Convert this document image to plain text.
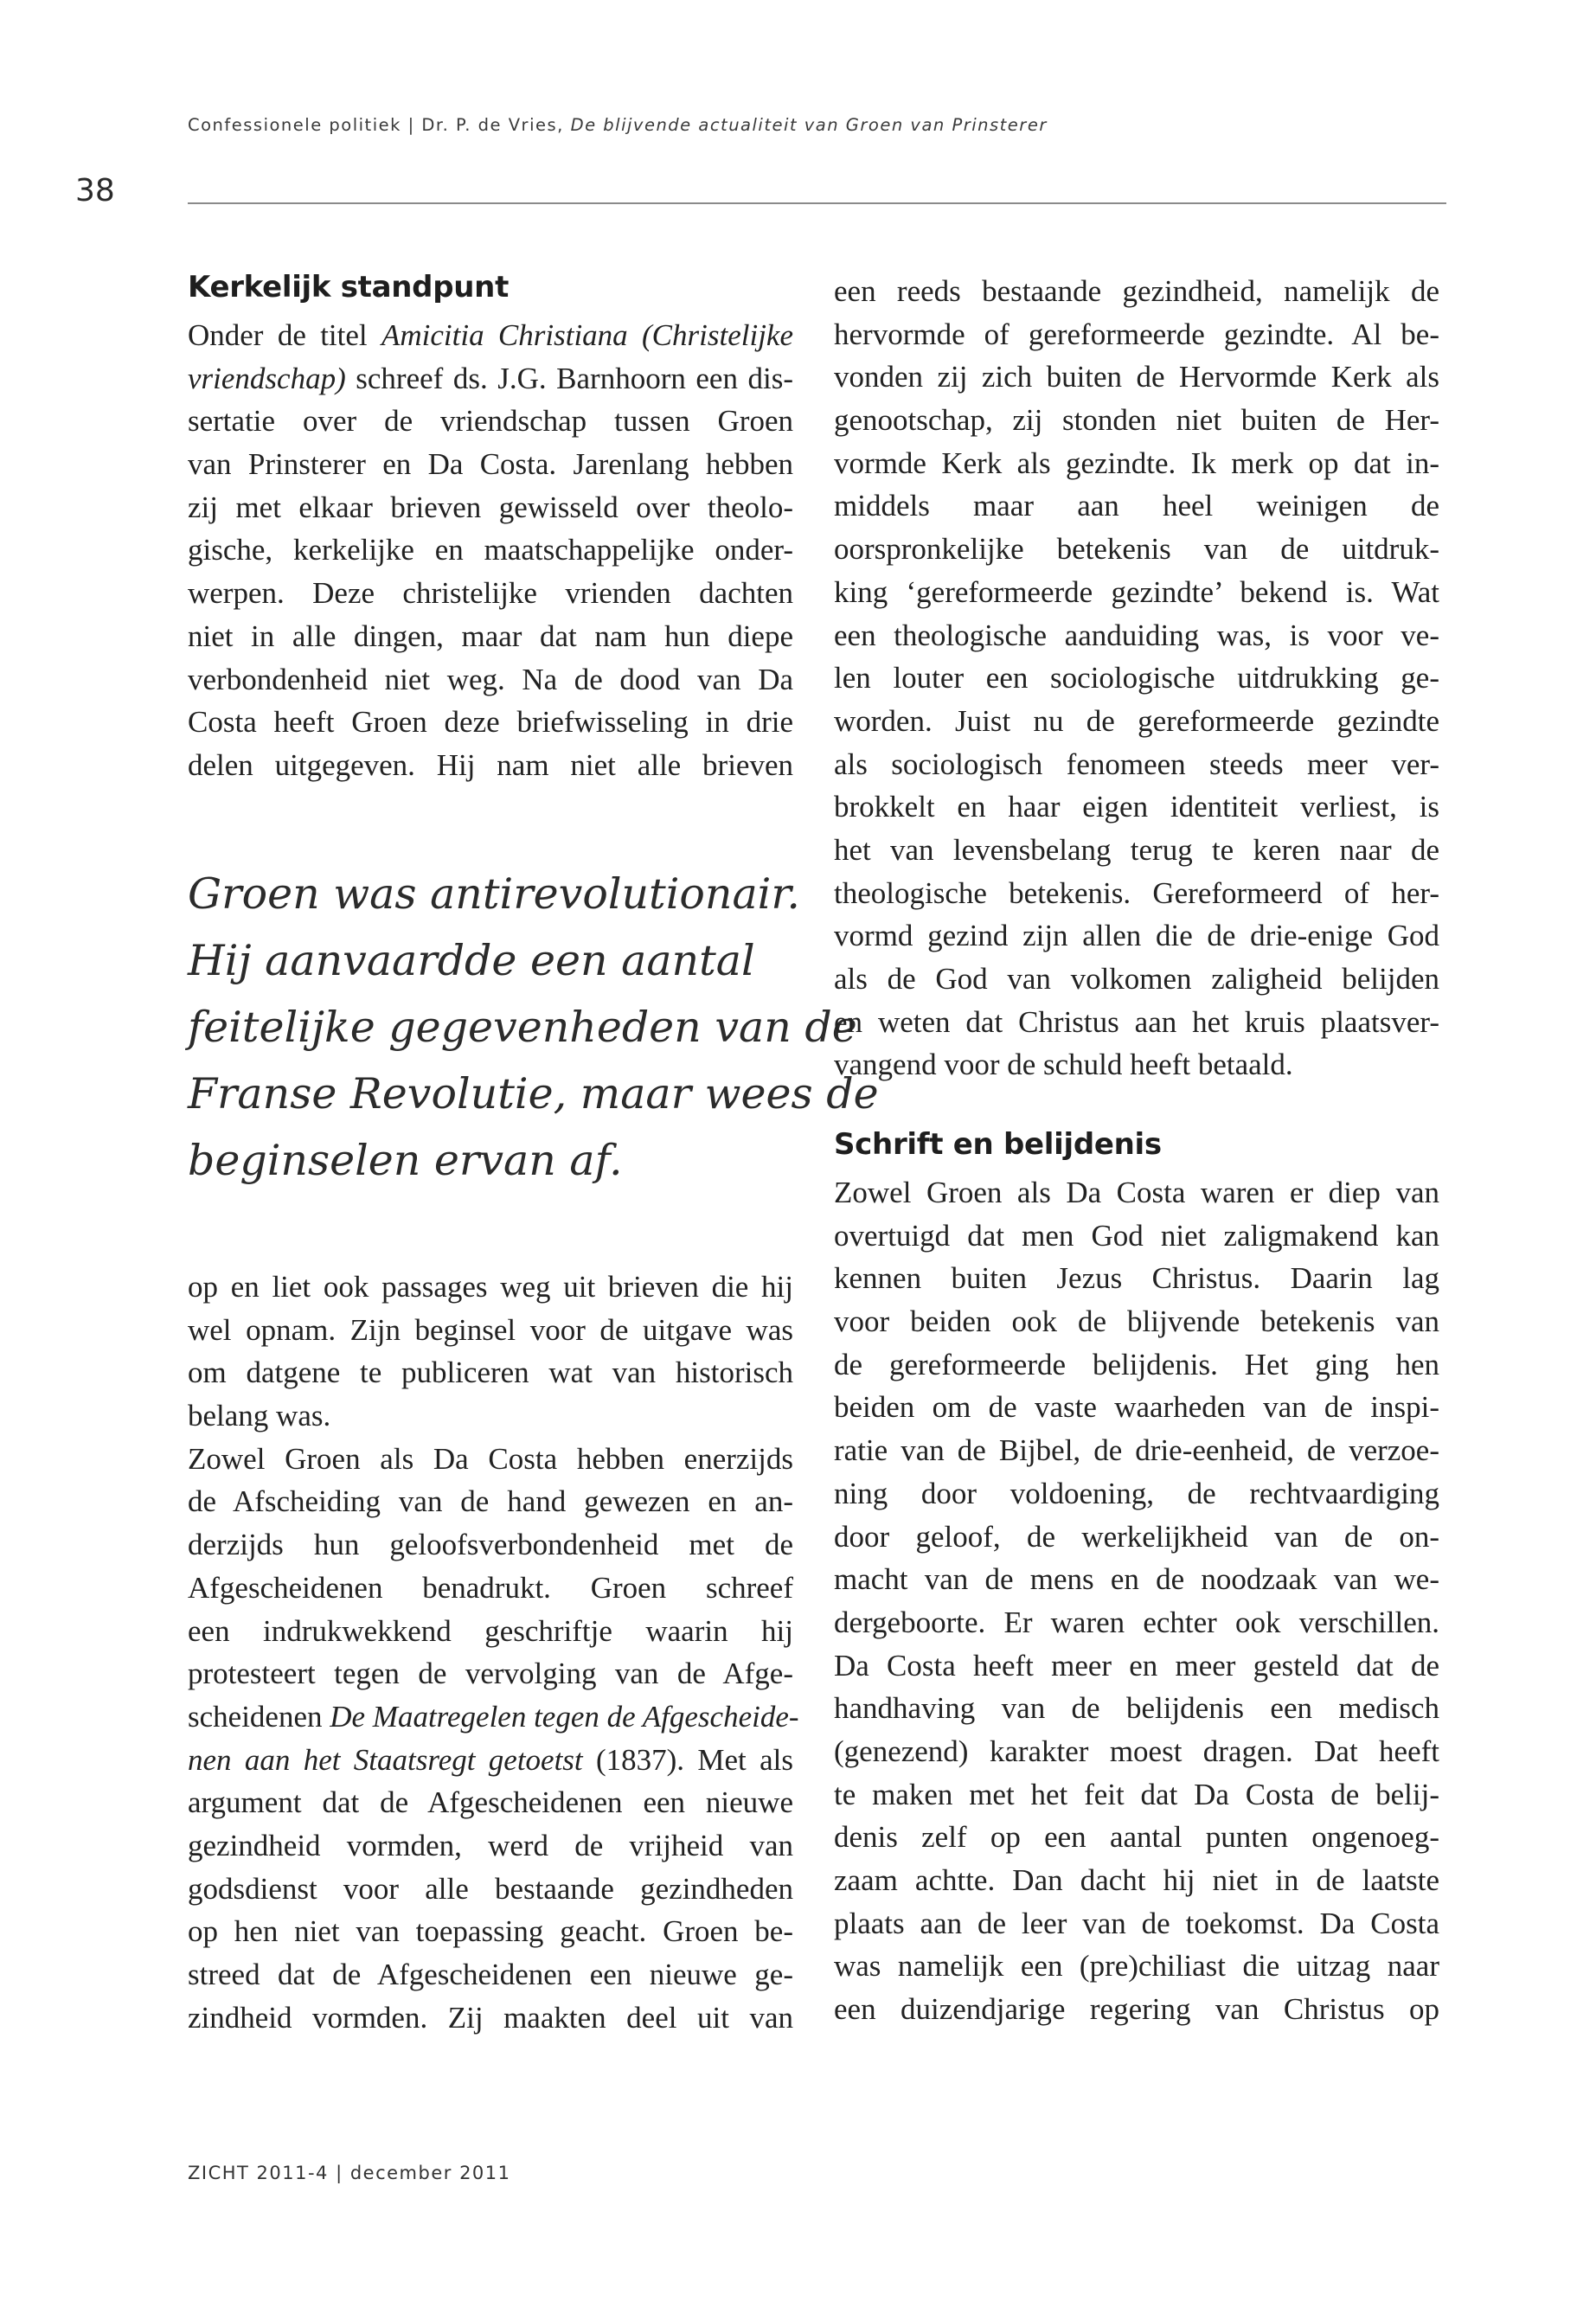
Confessionele politiek | Dr. P. de Vries, De blijvende actualiteit van Groen van Prinsterer
38
Kerkelijk standpunt
Onder de titel Amicitia Christiana (Christelijke
vriendschap) schreef ds. J.G. Barnhoorn een dis-
sertatie over de vriendschap tussen Groen
van Prinsterer en Da Costa. Jarenlang hebben
zij met elkaar brieven gewisseld over theolo-
gische, kerkelijke en maatschappelijke onder-
werpen. Deze christelijke vrienden dachten
niet in alle dingen, maar dat nam hun diepe
verbondenheid niet weg. Na de dood van Da
Costa heeft Groen deze briefwisseling in drie
delen uitgegeven. Hij nam niet alle brieven
Groen was antirevolutionair.
Hij aanvaardde een aantal
feitelijke gegevenheden van de
Franse Revolutie, maar wees de
beginselen ervan af.
op en liet ook passages weg uit brieven die hij
wel opnam. Zijn beginsel voor de uitgave was
om datgene te publiceren wat van historisch
belang was.
Zowel Groen als Da Costa hebben enerzijds
de Afscheiding van de hand gewezen en an-
derzijds hun geloofsverbondenheid met de
Afgescheidenen benadrukt. Groen schreef
een indrukwekkend geschriftje waarin hij
protesteert tegen de vervolging van de Afge-
scheidenen De Maatregelen tegen de Afgescheide-
nen aan het Staatsregt getoetst (1837). Met als
argument dat de Afgescheidenen een nieuwe
gezindheid vormden, werd de vrijheid van
godsdienst voor alle bestaande gezindheden
op hen niet van toepassing geacht. Groen be-
streed dat de Afgescheidenen een nieuwe ge-
zindheid vormden. Zij maakten deel uit van
een reeds bestaande gezindheid, namelijk de
hervormde of gereformeerde gezindte. Al be-
vonden zij zich buiten de Hervormde Kerk als
genootschap, zij stonden niet buiten de Her-
vormde Kerk als gezindte. Ik merk op dat in-
middels maar aan heel weinigen de
oorspronkelijke betekenis van de uitdruk-
king ‘gereformeerde gezindte’ bekend is. Wat
een theologische aanduiding was, is voor ve-
len louter een sociologische uitdrukking ge-
worden. Juist nu de gereformeerde gezindte
als sociologisch fenomeen steeds meer ver-
brokkelt en haar eigen identiteit verliest, is
het van levensbelang terug te keren naar de
theologische betekenis. Gereformeerd of her-
vormd gezind zijn allen die de drie-enige God
als de God van volkomen zaligheid belijden
en weten dat Christus aan het kruis plaatsver-
vangend voor de schuld heeft betaald.
Schrift en belijdenis
Zowel Groen als Da Costa waren er diep van
overtuigd dat men God niet zaligmakend kan
kennen buiten Jezus Christus. Daarin lag
voor beiden ook de blijvende betekenis van
de gereformeerde belijdenis. Het ging hen
beiden om de vaste waarheden van de inspi-
ratie van de Bijbel, de drie-eenheid, de verzoe-
ning door voldoening, de rechtvaardiging
door geloof, de werkelijkheid van de on-
macht van de mens en de noodzaak van we-
dergeboorte. Er waren echter ook verschillen.
Da Costa heeft meer en meer gesteld dat de
handhaving van de belijdenis een medisch
(genezend) karakter moest dragen. Dat heeft
te maken met het feit dat Da Costa de belij-
denis zelf op een aantal punten ongenoeg-
zaam achtte. Dan dacht hij niet in de laatste
plaats aan de leer van de toekomst. Da Costa
was namelijk een (pre)chiliast die uitzag naar
een duizendjarige regering van Christus op
ZICHT 2011-4 | december 2011
